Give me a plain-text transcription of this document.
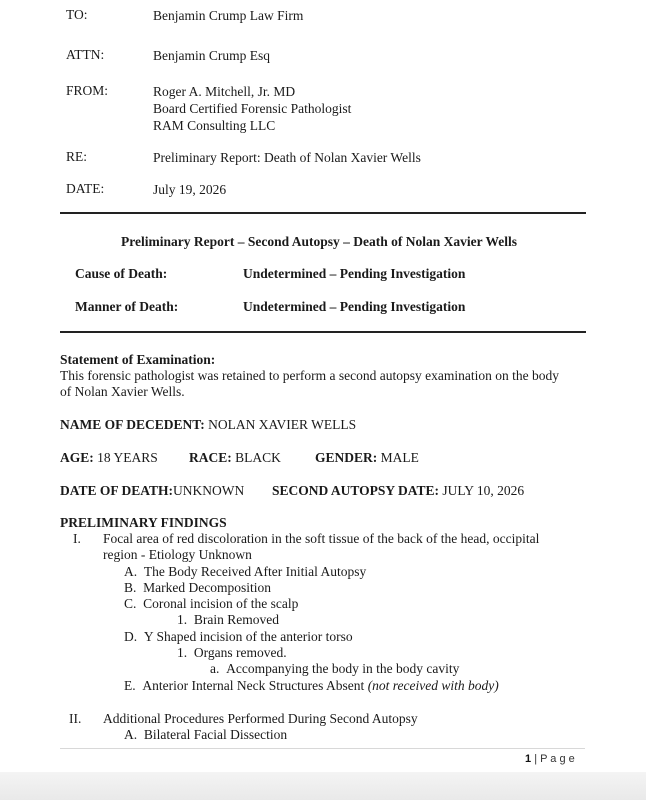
TO:	Benjamin Crump Law Firm
ATTN:	Benjamin Crump Esq
FROM:	Roger A. Mitchell, Jr. MD
Board Certified Forensic Pathologist
RAM Consulting LLC
RE:	Preliminary Report: Death of Nolan Xavier Wells
DATE:	July 19, 2026
Preliminary Report – Second Autopsy – Death of Nolan Xavier Wells
Cause of Death:	Undetermined – Pending Investigation
Manner of Death:	Undetermined – Pending Investigation
Statement of Examination:
This forensic pathologist was retained to perform a second autopsy examination on the body
of Nolan Xavier Wells.
NAME OF DECEDENT: NOLAN XAVIER WELLS
AGE: 18 YEARS RACE: BLACK	GENDER: MALE
DATE OF DEATH:UNKNOWN SECOND AUTOPSY DATE: JULY 10, 2026
PRELIMINARY FINDINGS
I. Focal area of red discoloration in the soft tissue of the back of the head, occipital
region - Etiology Unknown
A. The Body Received After Initial Autopsy
B. Marked Decomposition
C. Coronal incision of the scalp
1. Brain Removed
D. Y Shaped incision of the anterior torso
1. Organs removed.
a. Accompanying the body in the body cavity
E. Anterior Internal Neck Structures Absent (not received with body)
II. Additional Procedures Performed During Second Autopsy
A. Bilateral Facial Dissection
1 | P a g e
